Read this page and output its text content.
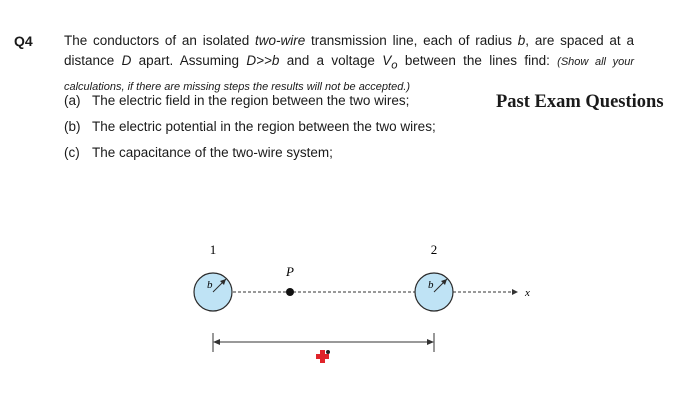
Q4 The conductors of an isolated two-wire transmission line, each of radius b, are spaced at a distance D apart. Assuming D>>b and a voltage $V_o$ between the lines find: (Show all your calculations, if there are missing steps the results will not be accepted.)
(a) The electric field in the region between the two wires;
(b) The electric potential in the region between the two wires;
(c) The capacitance of the two-wire system;
Past Exam Questions
1	2
P
x
b	b
